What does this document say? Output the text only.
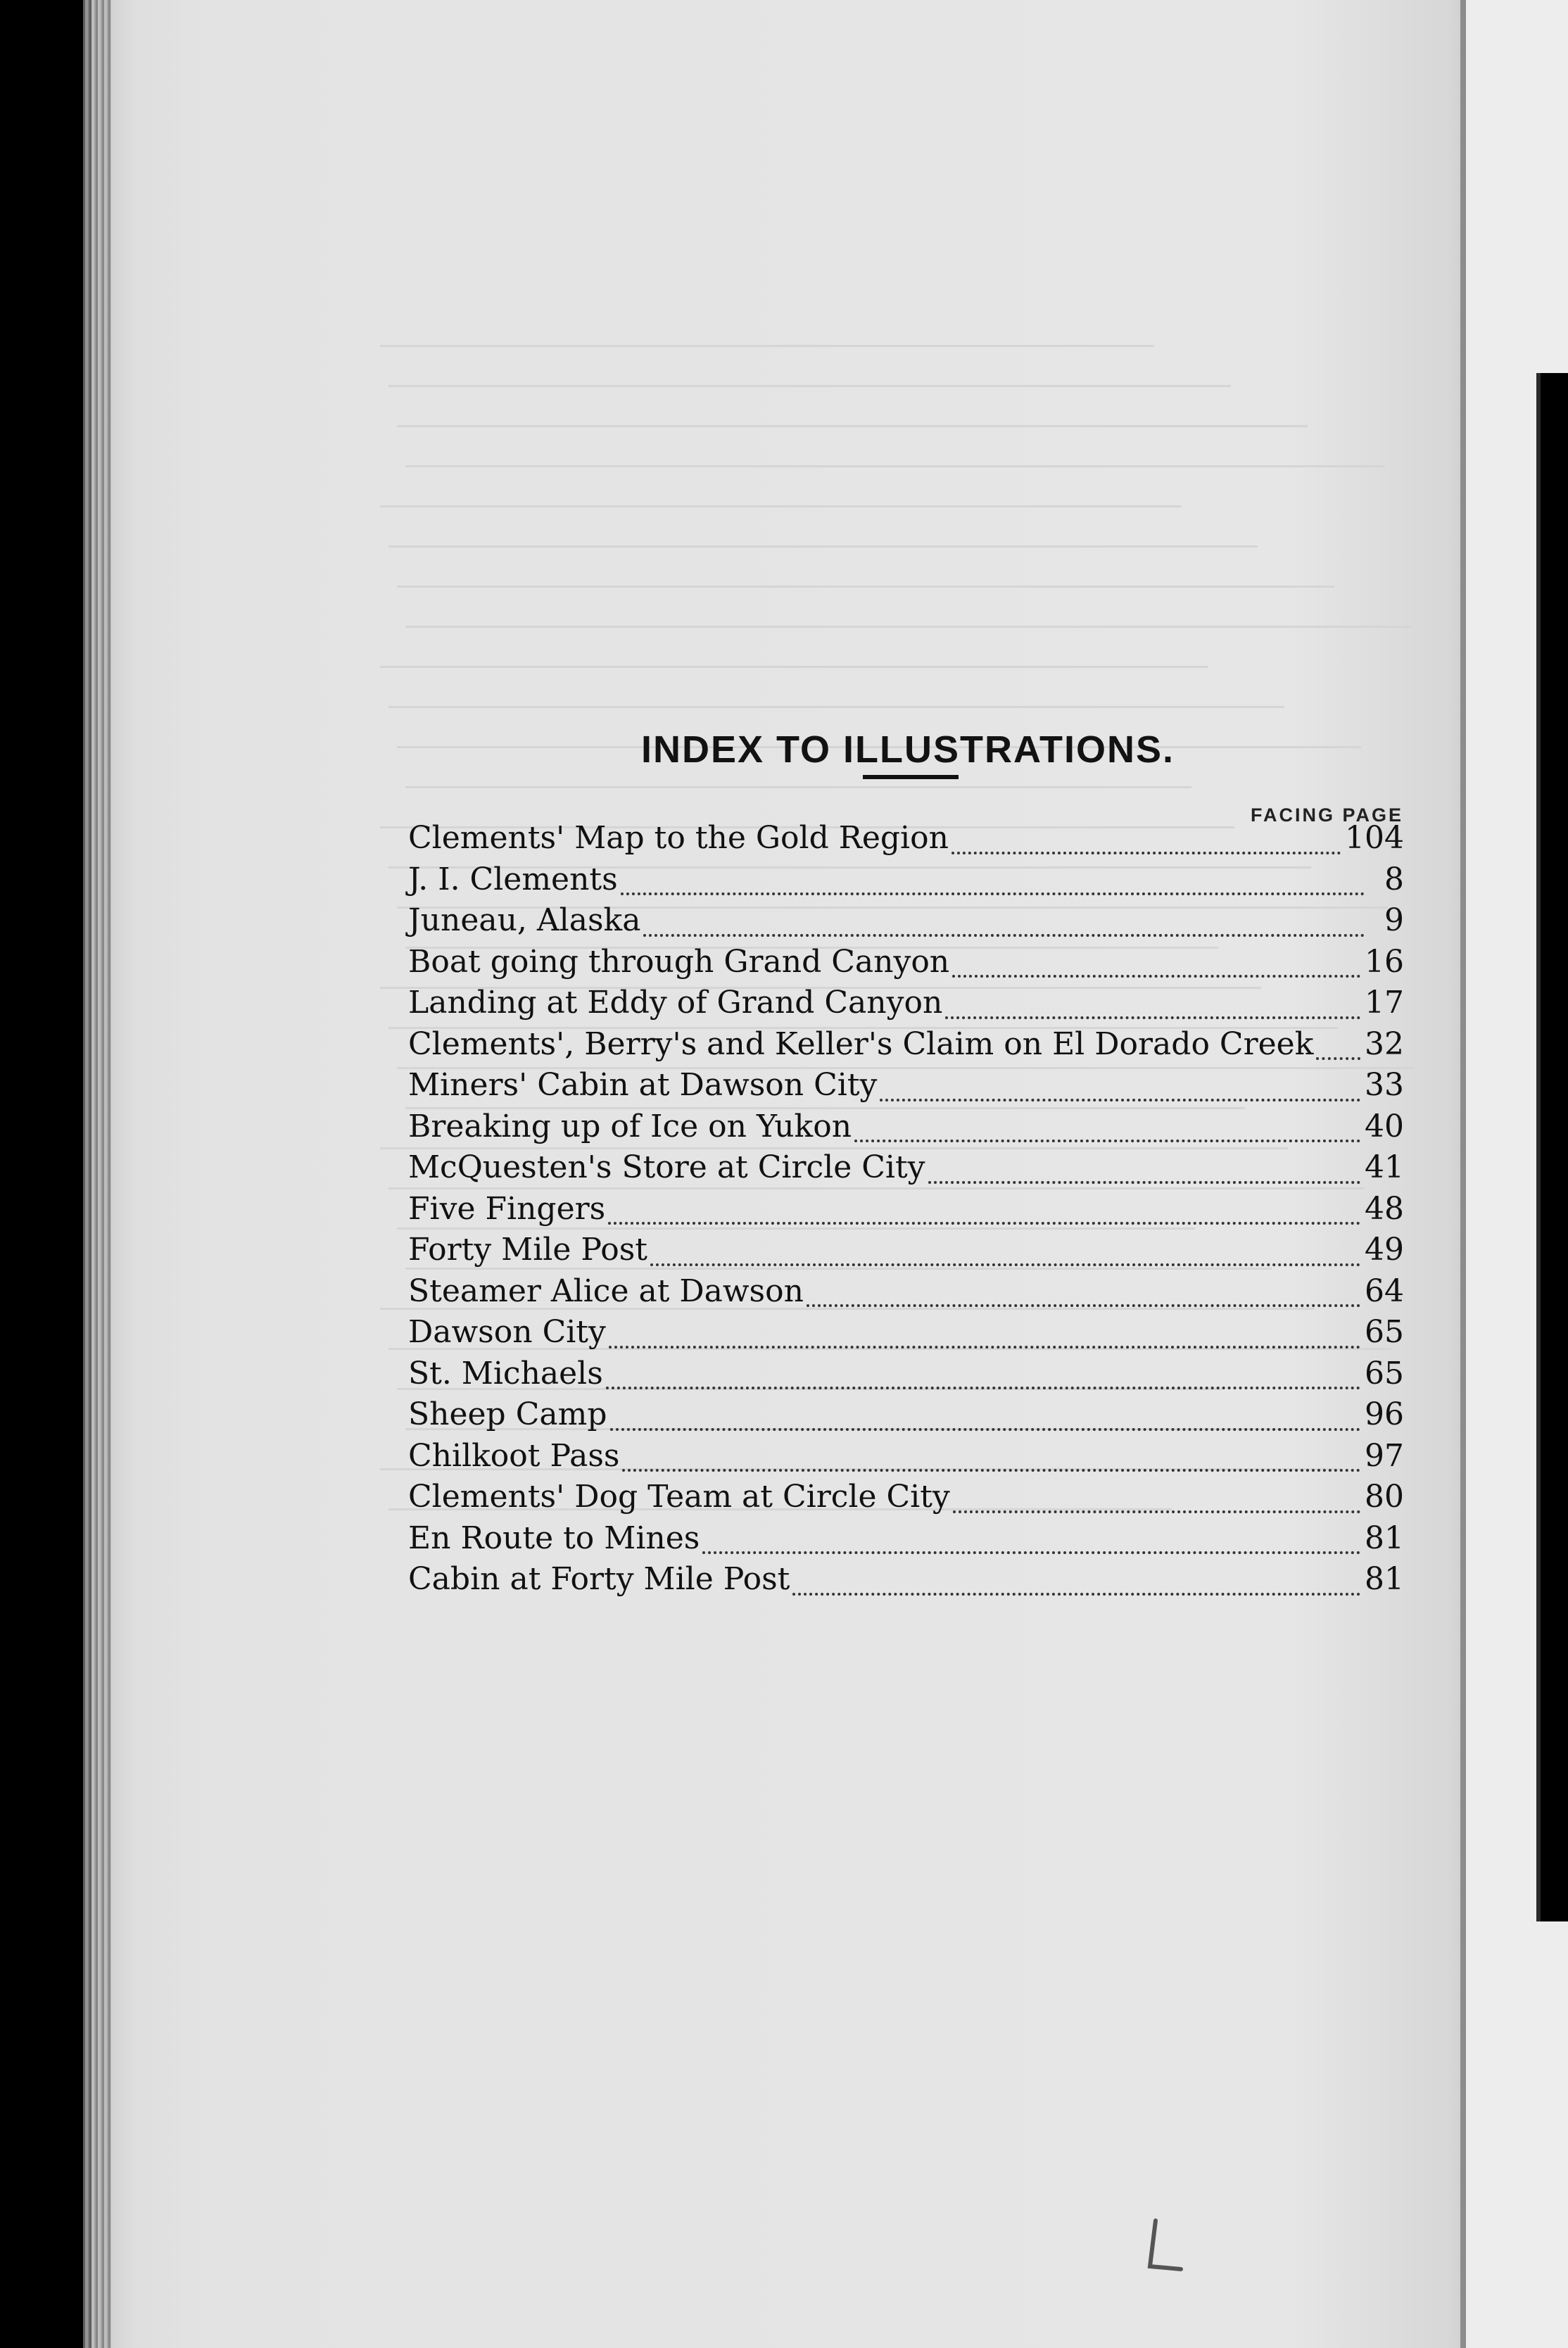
INDEX TO ILLUSTRATIONS.
FACING PAGE
Clements' Map to the Gold Region	104
J. I. Clements	8
Juneau, Alaska	9
Boat going through Grand Canyon	16
Landing at Eddy of Grand Canyon	17
Clements', Berry's and Keller's Claim on El Dorado Creek 32
Miners' Cabin at Dawson City	33
Breaking up of Ice on Yukon	40
McQuesten's Store at Circle City	41
Five Fingers	48
Forty Mile Post	49
Steamer Alice at Dawson	64
Dawson City	65
St. Michaels	65
Sheep Camp	96
Chilkoot Pass	97
Clements' Dog Team at Circle City	80
En Route to Mines	81
Cabin at Forty Mile Post	81
